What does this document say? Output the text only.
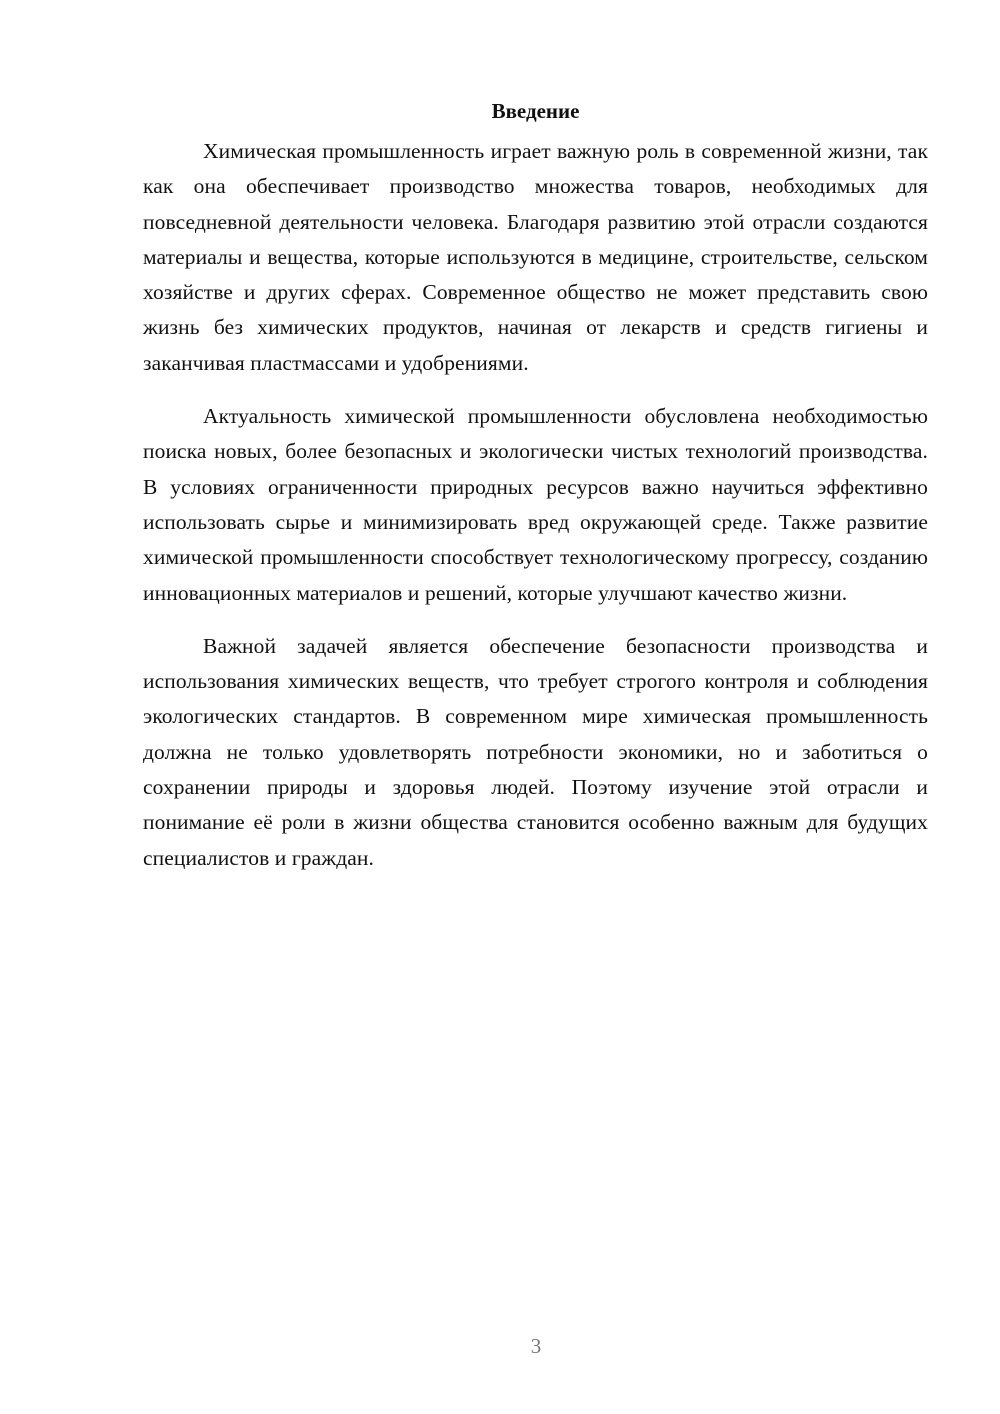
Введение

Химическая промышленность играет важную роль в современной жизни, так как она обеспечивает производство множества товаров, необходимых для повседневной деятельности человека. Благодаря развитию этой отрасли создаются материалы и вещества, которые используются в медицине, строительстве, сельском хозяйстве и других сферах. Современное общество не может представить свою жизнь без химических продуктов, начиная от лекарств и средств гигиены и заканчивая пластмассами и удобрениями.

Актуальность химической промышленности обусловлена необходимостью поиска новых, более безопасных и экологически чистых технологий производства. В условиях ограниченности природных ресурсов важно научиться эффективно использовать сырье и минимизировать вред окружающей среде. Также развитие химической промышленности способствует технологическому прогрессу, созданию инновационных материалов и решений, которые улучшают качество жизни.

Важной задачей является обеспечение безопасности производства и использования химических веществ, что требует строгого контроля и соблюдения экологических стандартов. В современном мире химическая промышленность должна не только удовлетворять потребности экономики, но и заботиться о сохранении природы и здоровья людей. Поэтому изучение этой отрасли и понимание её роли в жизни общества становится особенно важным для будущих специалистов и граждан.

3
